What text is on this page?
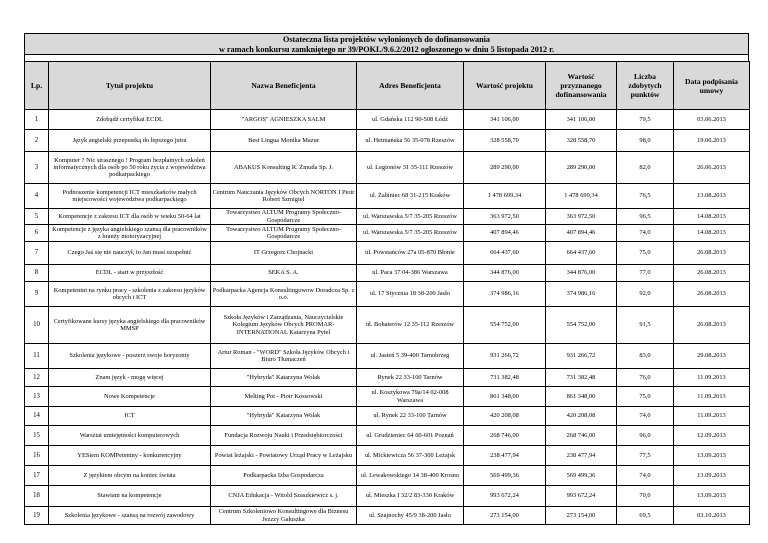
Ostateczna lista projektów wyłonionych do dofinansowania
w ramach konkursu zamkniętego nr 39/POKL/9.6.2/2012 ogłoszonego w dniu 5 listopada 2012 r.
Lp.	Tytuł projektu	Nazwa Beneficjenta	Adres Beneficjenta	Wartość projektu	Wartość przyznanego dofinansowania	Liczba zdobytych punktów	Data podpisania umowy
1	Zdobądź certyfikat ECDL	"ARGOS" AGNIESZKA SALM	ul. Gdańska 112 90-508 Łódź	341 106,00	341 106,00	79,5	03.06.2013
2	Język angielski przepustką do lepszego jutra	Best Lingua Monika Mazur	ul. Hetmańska 56 35-078 Rzeszów	328 558,70	328 558,70	98,0	19.06.2013
3	Komputer ? Nic strasznego ! Program bezpłatnych szkoleń informatycznych dla osób po 50 roku życia z województwa podkarpackiego	ABAKUS Konsulting R. Żmuda Sp. J.	ul. Legionów 31 35-111 Rzeszów	289 290,00	289 290,00	82,0	26.06.2013
4	Podnoszenie kompetencji ICT mieszkańców małych miejscowości województwa podkarpackiego	Centrum Nauczania Języków Obcych NORTON I Piotr Robert Szmigiel	ul. Żabiniec 68 31-215 Kraków	1 478 699,34	1 478 699,34	76,5	13.08.2013
5	Kompetencje z zakresu ICT dla osób w wieku 50-64 lat	Towarzystwo ALTUM Programy Społeczno-Gospodarcze	ul. Warszawska 5/7 35-205 Rzeszów	363 972,50	363 972,50	96,5	14.08.2013
6	Kompetencje z języka angielskiego szansą dla pracowników z branży motoryzacyjnej	Towarzystwo ALTUM Programy Społeczno-Gospodarcze	ul. Warszawska 5/7 35-205 Rzeszów	407 894,46	407 894,46	74,0	14.08.2013
7	Czego Jaś się nie nauczył, to Jan musi uzupełnić	IT Grzegorz Chojnacki	ul. Powstańców 27a 05-870 Błonie	664 437,60	664 437,60	75,0	26.08.2013
8	ECDL - start w przyszłość	SEKA S. A.	ul. Paca 37 04-386 Warszawa	344 876,00	344 876,00	77,0	26.08.2013
9	Kompetentni na rynku pracy - szkolenia z zakresu języków obcych i ICT	Podkarpacka Agencja Konsultingowow Doradcza Sp. z o.o.	ul. 17 Stycznia 18 38-200 Jasło	374 986,16	374 986,16	92,0	26.08.2013
10	Certyfikowane kursy języka angielskiego dla pracowników MMŚP	Szkoła Języków i Zarządzania, Nauczycielskie Kolegium Języków Obcych PROMAR-INTERNATIONAL Katarzyna Pytel	ul. Bohaterów 12 35-112 Rzeszów	554 752,00	554 752,00	91,5	26.08.2013
11	Szkolenia językowe - poszerz swoje horyzonty	Artur Roman - "WORD" Szkoła Języków Obcych i Biuro Tłumaczeń	ul. Jasień 5 39-400 Tarnobrzeg	931 266,72	931 266,72	83,0	29.08.2013
12	Znam język - mogę więcej	"Hybryda" Katarzyna Wolak	Rynek 22 33-100 Tarnów	731 382,48	731 382,48	76,0	11.09.2013
13	Nowe Kompetencje	Melting Pot - Piotr Kossowski	ul. Koszykowa 79a/14 02-008 Warszawa	861 348,00	861 348,00	75,0	11.09.2013
14	ICT	"Hybryda" Katarzyna Wolak	ul. Rynek 22 33-100 Tarnów	420 208,08	420 208,08	74,0	11.09.2013
15	Warsztat umiejętności komputerowych	Fundacja Rozwoju Nauki i Przedsiębiorczości	ul. Grudzieniec 64 60-601 Poznań	268 746,00	268 746,00	96,0	12.09.2013
16	YEStem KOMPetentny - konkurencyjny	Powiat leżajski - Powiatowy Urząd Pracy w Leżajsku	ul. Mickiewicza 56 37-300 Leżajsk	238 477,94	238 477,94	77,5	13.09.2013
17	Z językiem obcym na koniec świata	Podkarpacka Izba Gospodarcza	ul. Lewakowskiego 14 38-400 Krosno	569 499,36	569 499,36	74,0	13.09.2013
18	Stawiam na kompetencje	CNJA Edukacja - Witold Szaszkiewicz s. j.	ul. Mieszka I 32/2 83-330 Kraków	993 672,24	993 672,24	70,0	13.09.2013
19	Szkolenia językowe - szansą na rozwój zawodowy	Centrum Szkoleniowo Konsultingowe dla Biznesu Jezzzy Gałuszka	ul. Szajnochy 45/9 38-200 Jasło	273 154,00	273 154,00	69,5	03.10.2013
